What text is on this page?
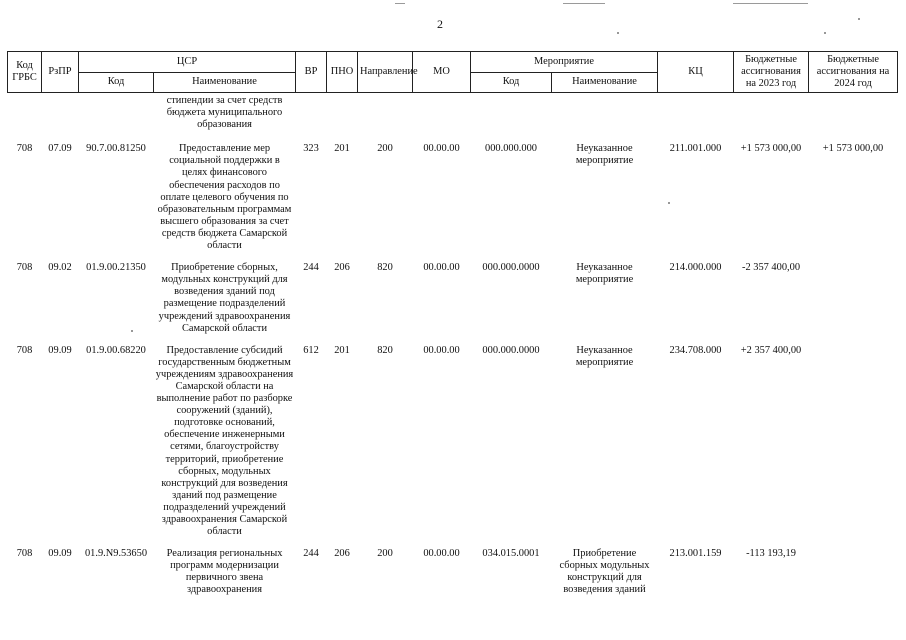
2
Код ГРБС	РзПР	ЦСР		ВР	ПНО	Направление	МО	Мероприятие		КЦ	Бюджетные ассигнования на 2023 год	Бюджетные ассигнования на 2024 год
		Код	Наименование					Код	Наименование			
			стипендии за счет средств бюджета муниципального образования									
708	07.09	90.7.00.81250	Предоставление мер социальной поддержки в целях финансового обеспечения расходов по оплате целевого обучения по образовательным программам высшего образования за счет средств бюджета Самарской области	323	201	200	00.00.00	000.000.000	Неуказанное мероприятие	211.001.000	+1 573 000,00	+1 573 000,00
708	09.02	01.9.00.21350	Приобретение сборных, модульных конструкций для возведения зданий под размещение подразделений учреждений здравоохранения Самарской области	244	206	820	00.00.00	000.000.0000	Неуказанное мероприятие	214.000.000	-2 357 400,00	
708	09.09	01.9.00.68220	Предоставление субсидий государственным бюджетным учреждениям здравоохранения Самарской области на выполнение работ по разборке сооружений (зданий), подготовке оснований, обеспечение инженерными сетями, благоустройству территорий, приобретение сборных, модульных конструкций для возведения зданий под размещение подразделений учреждений здравоохранения Самарской области	612	201	820	00.00.00	000.000.0000	Неуказанное мероприятие	234.708.000	+2 357 400,00	
708	09.09	01.9.N9.53650	Реализация региональных программ модернизации первичного звена здравоохранения	244	206	200	00.00.00	034.015.0001	Приобретение сборных модульных конструкций для возведения зданий	213.001.159	-113 193,19	
